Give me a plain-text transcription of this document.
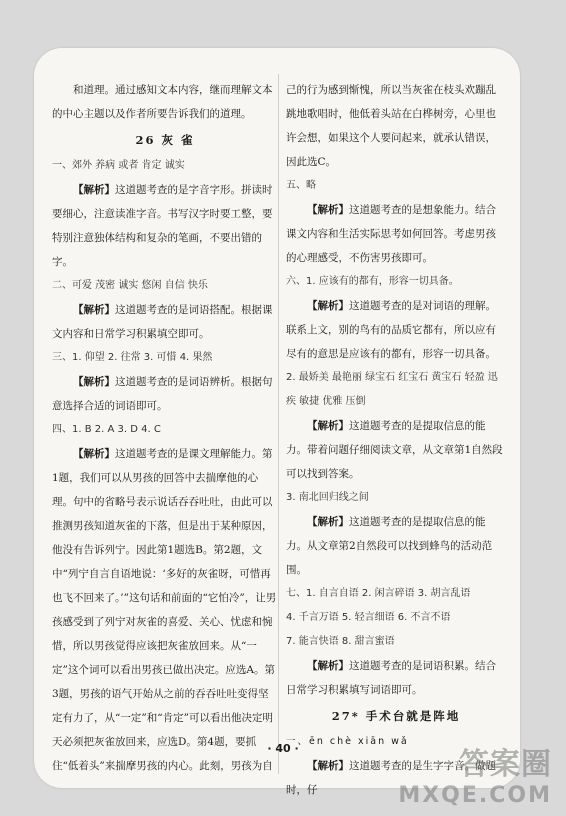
和道理。通过感知文本内容，继而理解文本的中心主题以及作者所要告诉我们的道理。

26 灰 雀

一、郊外 养病 或者 肯定 诚实

【解析】这道题考查的是字音字形。拼读时要细心，注意读准字音。书写汉字时要工整，要特别注意独体结构和复杂的笔画，不要出错的字。

二、可爱 茂密 诚实 悠闲 自信 快乐

【解析】这道题考查的是词语搭配。根据课文内容和日常学习积累填空即可。

三、1. 仰望 2. 往常 3. 可惜 4. 果然

【解析】这道题考查的是词语辨析。根据句意选择合适的词语即可。

四、1. B 2. A 3. D 4. C

【解析】这道题考查的是课文理解能力。第1题，我们可以从男孩的回答中去揣摩他的心理。句中的省略号表示说话吞吞吐吐，由此可以推测男孩知道灰雀的下落，但是出于某种原因，他没有告诉列宁。因此第1题选B。第2题，文中“列宁自言自语地说：‘多好的灰雀呀，可惜再也飞不回来了。’”这句话和前面的“它怕冷”，让男孩感受到了列宁对灰雀的喜爱、关心、忧虑和惋惜，所以男孩觉得应该把灰雀放回来。从“一定”这个词可以看出男孩已做出决定。应选A。第3题，男孩的语气开始从之前的吞吞吐吐变得坚定有力了，从“一定”和“肯定”可以看出他决定明天必须把灰雀放回来，应选D。第4题，要抓住“低着头”来揣摩男孩的内心。此刻，男孩为自

己的行为感到惭愧，所以当灰雀在枝头欢蹦乱跳地歌唱时，他低着头站在白桦树旁，心里也许会想，如果这个人要问起来，就承认错误，因此选C。

五、略

【解析】这道题考查的是想象能力。结合课文内容和生活实际思考如何回答。考虑男孩的心理感受，不伤害男孩即可。

六、1. 应该有的都有，形容一切具备。

【解析】这道题考查的是对词语的理解。联系上文，别的鸟有的品质它都有，所以应有尽有的意思是应该有的都有，形容一切具备。

2. 最娇美 最艳丽 绿宝石 红宝石 黄宝石 轻盈 迅疾 敏捷 优雅 压倒

【解析】这道题考查的是提取信息的能力。带着问题仔细阅读文章，从文章第1自然段可以找到答案。

3. 南北回归线之间

【解析】这道题考查的是提取信息的能力。从文章第2自然段可以找到蜂鸟的活动范围。

七、1. 自言自语 2. 闲言碎语 3. 胡言乱语

4. 千言万语 5. 轻言细语 6. 不言不语

7. 能言快语 8. 甜言蜜语

【解析】这道题考查的是词语积累。结合日常学习积累填写词语即可。

27* 手术台就是阵地

一、ēn chè xiān wǎ

【解析】这道题考查的是生字字音。做题时，仔

· 40 ·	答案圈
MXQE.COM
